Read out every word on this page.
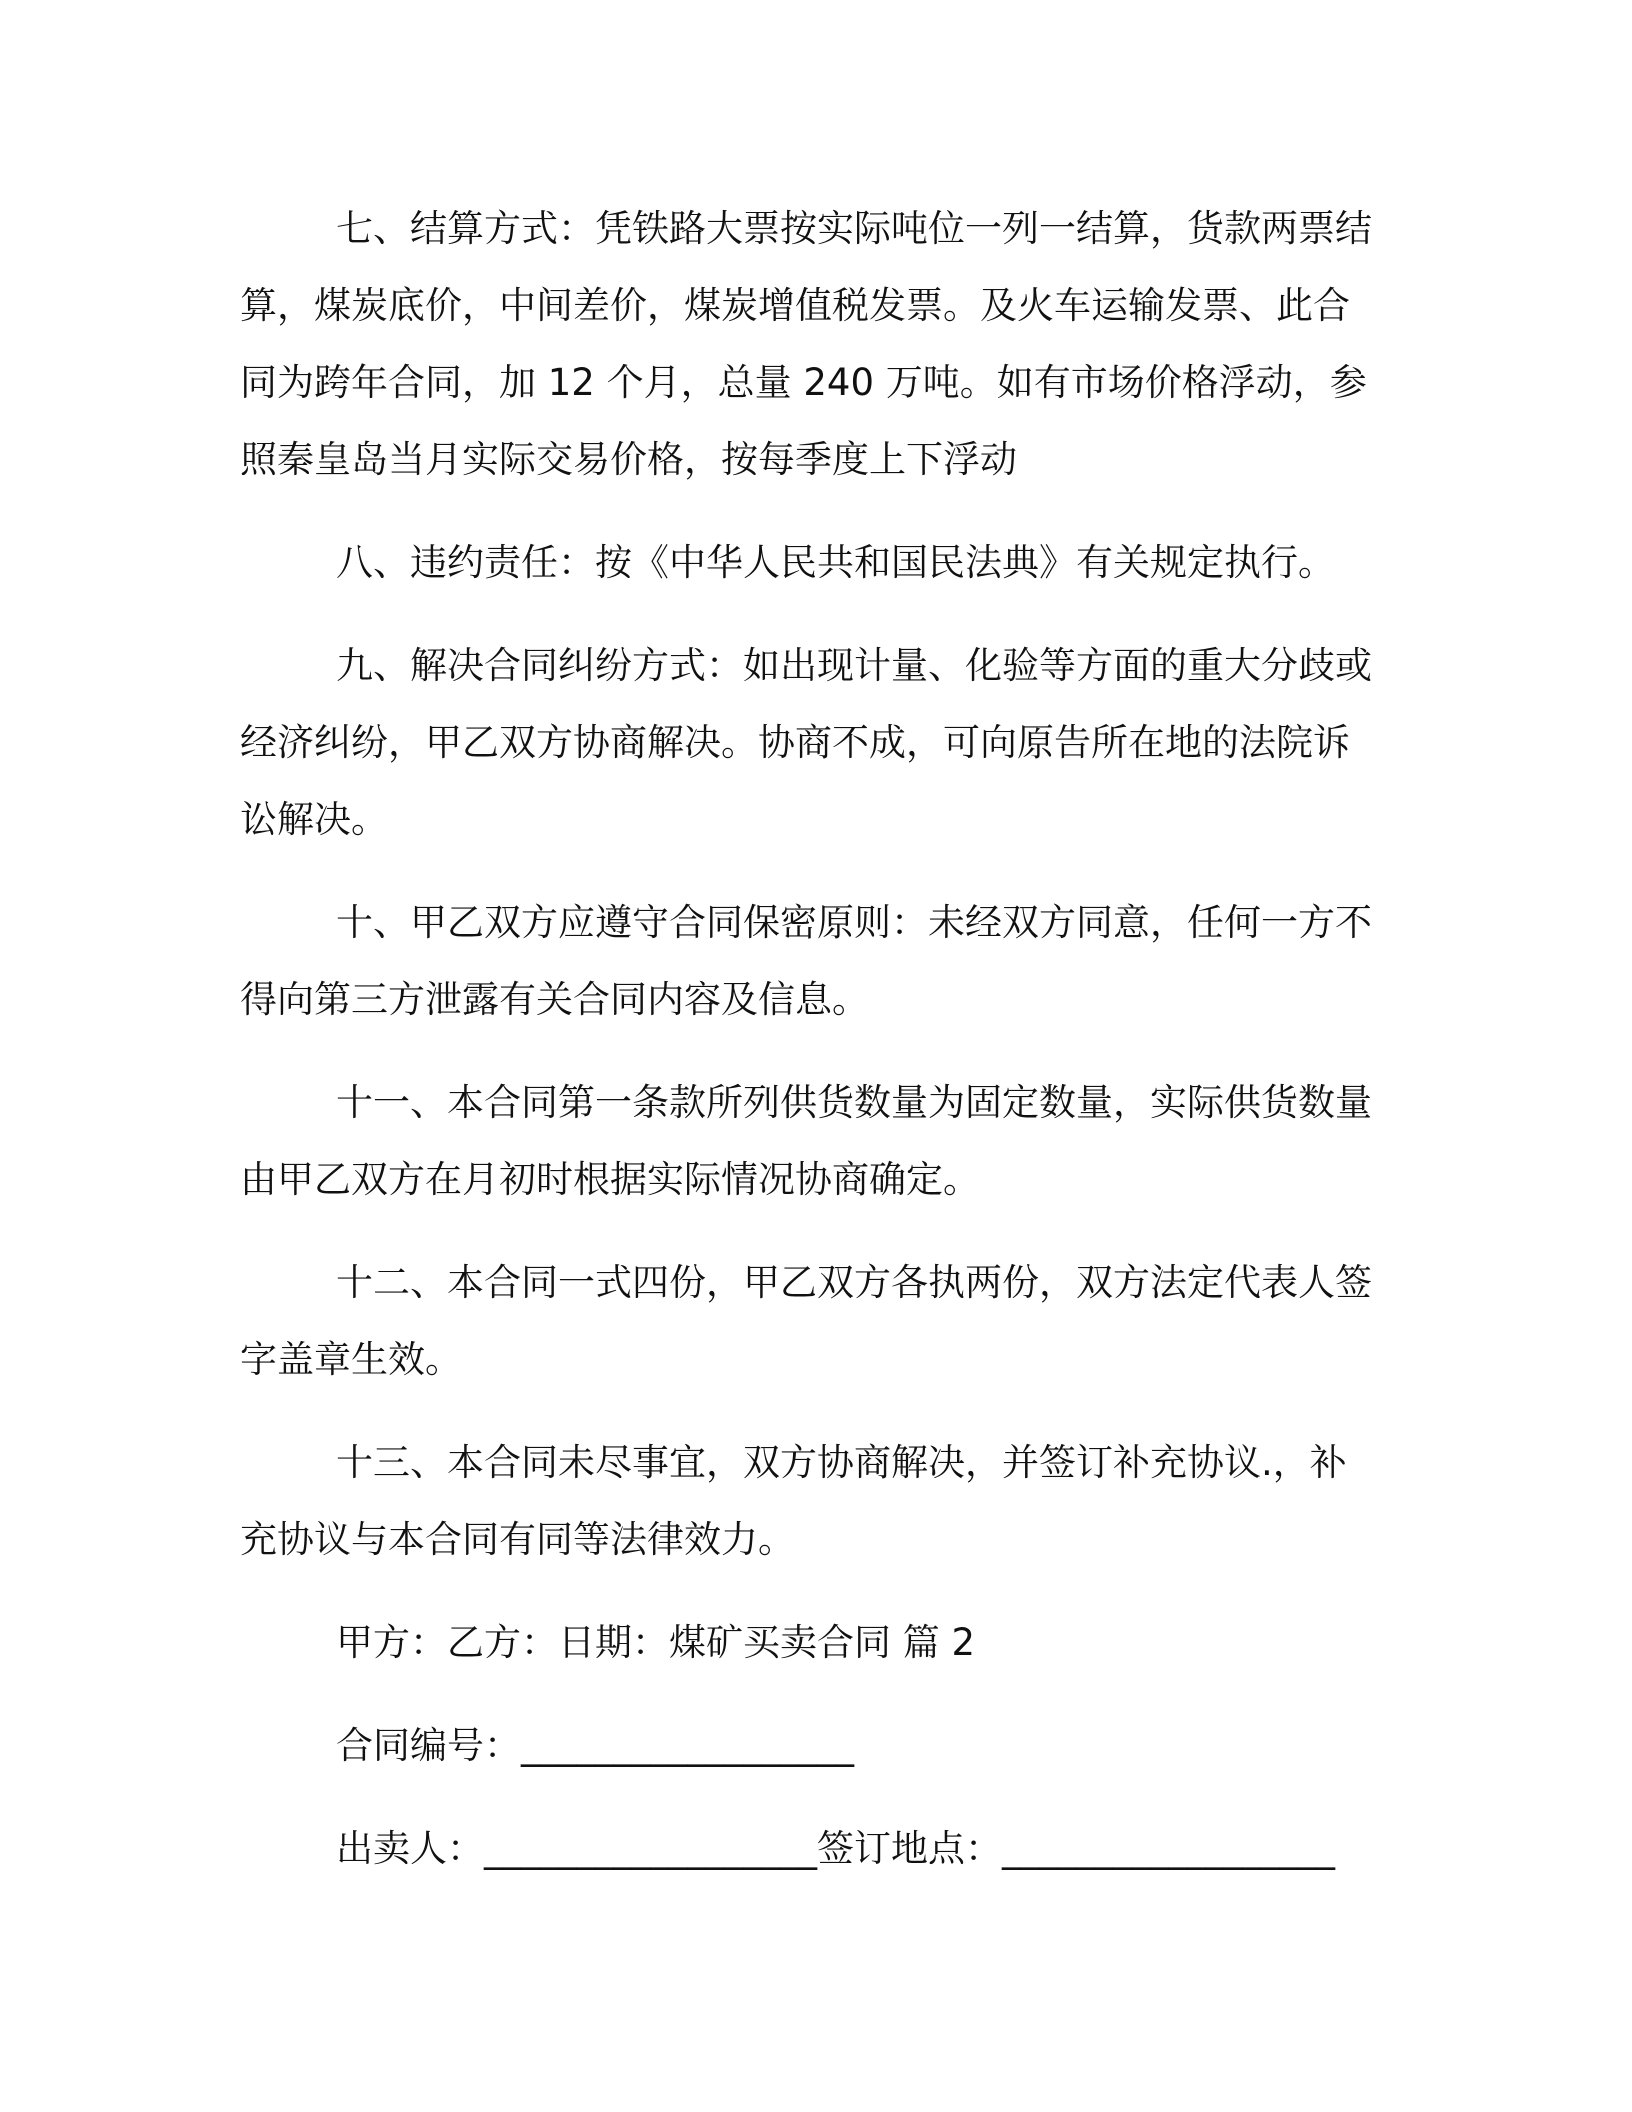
七、结算方式：凭铁路大票按实际吨位一列一结算，货款两票结算，煤炭底价，中间差价，煤炭增值税发票。及火车运输发票、此合同为跨年合同，加 12 个月，总量 240 万吨。如有市场价格浮动，参照秦皇岛当月实际交易价格，按每季度上下浮动

八、违约责任：按《中华人民共和国民法典》有关规定执行。

九、解决合同纠纷方式：如出现计量、化验等方面的重大分歧或经济纠纷，甲乙双方协商解决。协商不成，可向原告所在地的法院诉讼解决。

十、甲乙双方应遵守合同保密原则：未经双方同意，任何一方不得向第三方泄露有关合同内容及信息。

十一、本合同第一条款所列供货数量为固定数量，实际供货数量由甲乙双方在月初时根据实际情况协商确定。

十二、本合同一式四份，甲乙双方各执两份，双方法定代表人签字盖章生效。

十三、本合同未尽事宜，双方协商解决，并签订补充协议.，补充协议与本合同有同等法律效力。

甲方：乙方：日期：煤矿买卖合同 篇 2

合同编号：__________________

出卖人：__________________签订地点：__________________
